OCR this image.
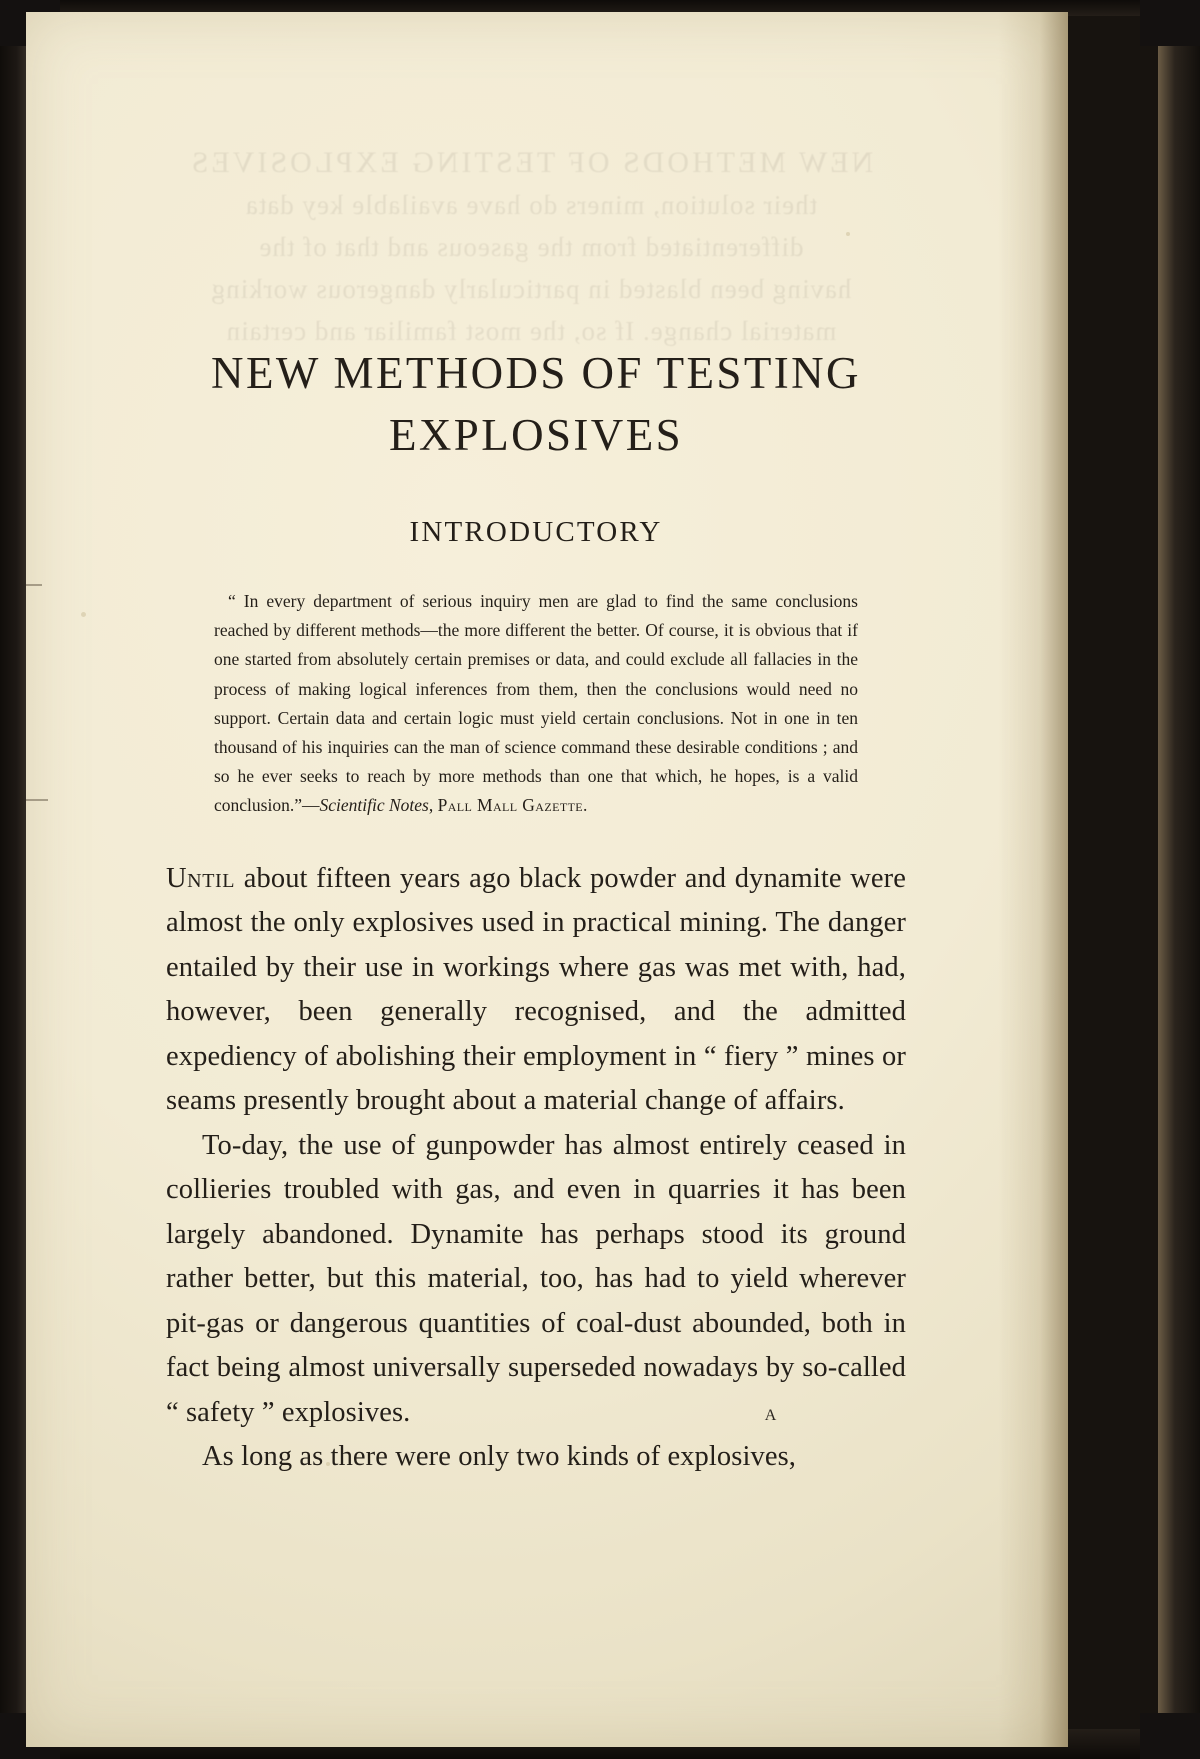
NEW METHODS OF TESTING EXPLOSIVES
their solution, miners do have available key data
differentiated from the gaseous and that of the
having been blasted in particularly dangerous working
material change. If so, the most familiar and certain
NEW METHODS OF TESTING
EXPLOSIVES
INTRODUCTORY

“ In every department of serious inquiry men are glad to find the same conclusions reached by different methods—the more different the better. Of course, it is obvious that if one started from absolutely certain premises or data, and could exclude all fallacies in the process of making logical inferences from them, then the conclusions would need no support. Certain data and certain logic must yield certain conclusions. Not in one in ten thousand of his inquiries can the man of science command these desirable conditions ; and so he ever seeks to reach by more methods than one that which, he hopes, is a valid conclusion.”—Scientific Notes, Pall Mall Gazette.

Until about fifteen years ago black powder and dynamite were almost the only explosives used in practical mining. The danger entailed by their use in workings where gas was met with, had, however, been generally recognised, and the admitted expediency of abolishing their employment in “ fiery ” mines or seams presently brought about a material change of affairs.

To-day, the use of gunpowder has almost entirely ceased in collieries troubled with gas, and even in quarries it has been largely abandoned. Dynamite has perhaps stood its ground rather better, but this material, too, has had to yield wherever pit-gas or dangerous quantities of coal-dust abounded, both in fact being almost universally superseded nowadays by so-called “ safety ” explosives.

As long as there were only two kinds of explosives,

A
